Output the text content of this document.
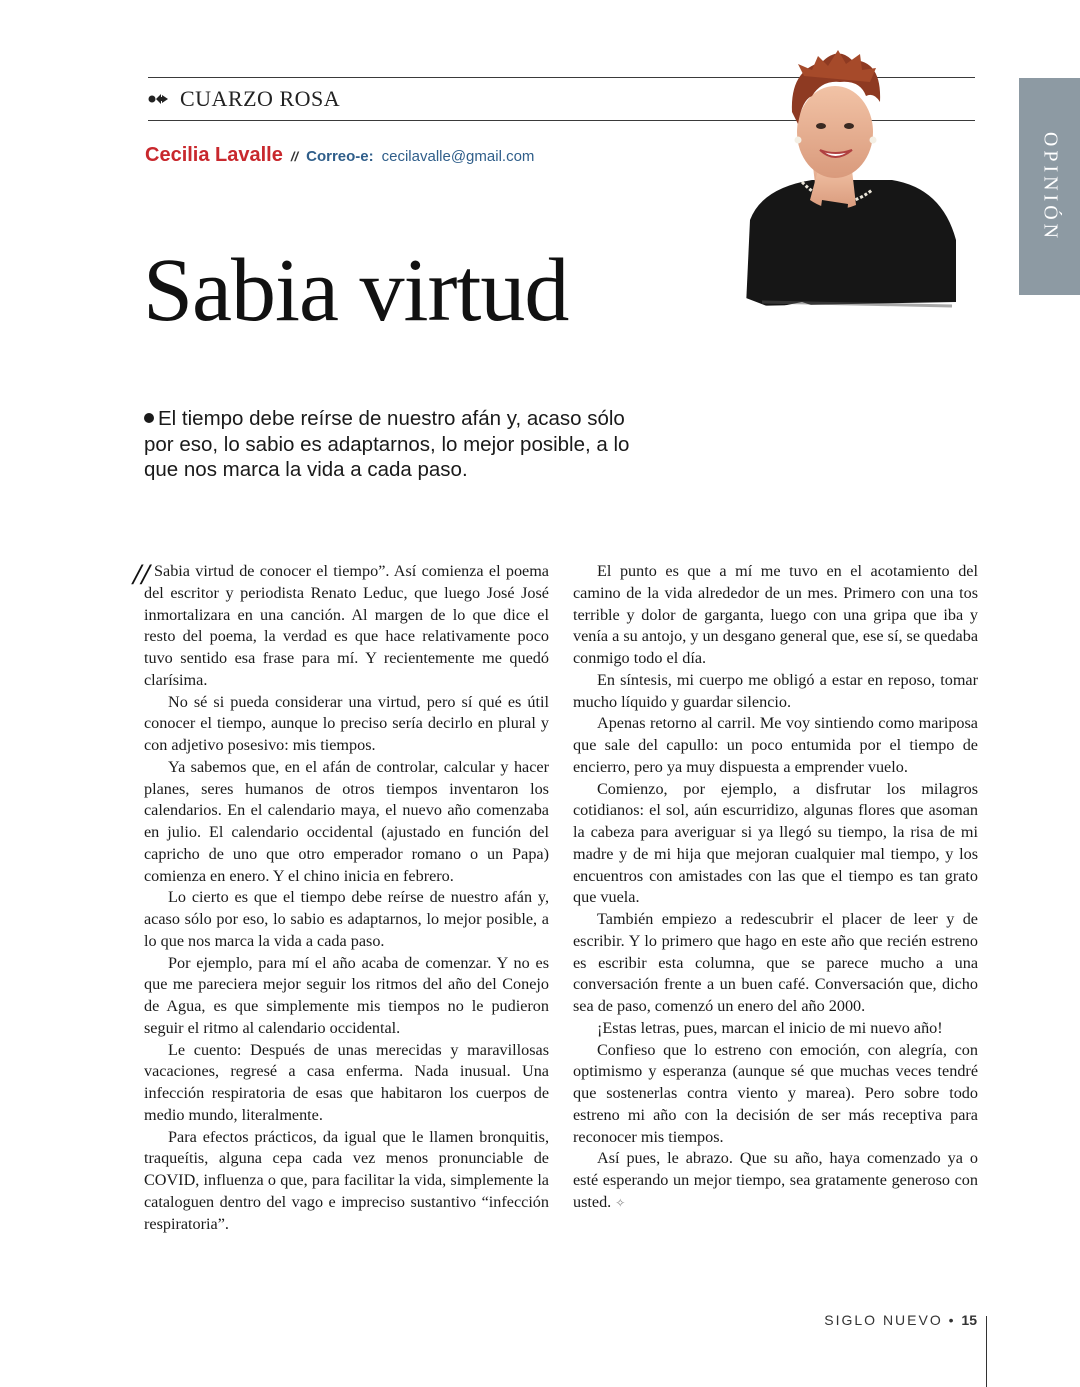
CUARZO ROSA
Cecilia Lavalle // Correo-e: cecilavalle@gmail.com	OPINIÓN
Sabia virtud
El tiempo debe reírse de nuestro afán y, acaso sólo por eso, lo sabio es adaptarnos, lo mejor posible, a lo que nos marca la vida a cada paso.
// Sabia virtud de conocer el tiempo”. Así comienza el poema del escritor y periodista Renato Leduc, que luego José José inmortalizara en una canción. Al margen de lo que dice el resto del poema, la verdad es que hace relativamente poco tuvo sentido esa frase para mí. Y recientemente me quedó clarísima.

No sé si pueda considerar una virtud, pero sí qué es útil conocer el tiempo, aunque lo preciso sería decirlo en plural y con adjetivo posesivo: mis tiempos.

Ya sabemos que, en el afán de controlar, calcular y hacer planes, seres humanos de otros tiempos inventaron los calendarios. En el calendario maya, el nuevo año comenzaba en julio. El calendario occidental (ajustado en función del capricho de uno que otro emperador romano o un Papa) comienza en enero. Y el chino inicia en febrero.

Lo cierto es que el tiempo debe reírse de nuestro afán y, acaso sólo por eso, lo sabio es adaptarnos, lo mejor posible, a lo que nos marca la vida a cada paso.

Por ejemplo, para mí el año acaba de comenzar. Y no es que me pareciera mejor seguir los ritmos del año del Conejo de Agua, es que simplemente mis tiempos no le pudieron seguir el ritmo al calendario occidental.

Le cuento: Después de unas merecidas y maravillosas vacaciones, regresé a casa enferma. Nada inusual. Una infección respiratoria de esas que habitaron los cuerpos de medio mundo, literalmente.

Para efectos prácticos, da igual que le llamen bronquitis, traqueítis, alguna cepa cada vez menos pronunciable de COVID, influenza o que, para facilitar la vida, simplemente la cataloguen dentro del vago e impreciso sustantivo “infección respiratoria”.

El punto es que a mí me tuvo en el acotamiento del camino de la vida alrededor de un mes. Primero con una tos terrible y dolor de garganta, luego con una gripa que iba y venía a su antojo, y un desgano general que, ese sí, se quedaba conmigo todo el día.

En síntesis, mi cuerpo me obligó a estar en reposo, tomar mucho líquido y guardar silencio.

Apenas retorno al carril. Me voy sintiendo como mariposa que sale del capullo: un poco entumida por el tiempo de encierro, pero ya muy dispuesta a emprender vuelo.

Comienzo, por ejemplo, a disfrutar los milagros cotidianos: el sol, aún escurridizo, algunas flores que asoman la cabeza para averiguar si ya llegó su tiempo, la risa de mi madre y de mi hija que mejoran cualquier mal tiempo, y los encuentros con amistades con las que el tiempo es tan grato que vuela.

También empiezo a redescubrir el placer de leer y de escribir. Y lo primero que hago en este año que recién estreno es escribir esta columna, que se parece mucho a una conversación frente a un buen café. Conversación que, dicho sea de paso, comenzó un enero del año 2000.

¡Estas letras, pues, marcan el inicio de mi nuevo año!

Confieso que lo estreno con emoción, con alegría, con optimismo y esperanza (aunque sé que muchas veces tendré que sostenerlas contra viento y marea). Pero sobre todo estreno mi año con la decisión de ser más receptiva para reconocer mis tiempos.

Así pues, le abrazo. Que su año, haya comenzado ya o esté esperando un mejor tiempo, sea gratamente generoso con usted. ✧

SIGLO NUEVO • 15
